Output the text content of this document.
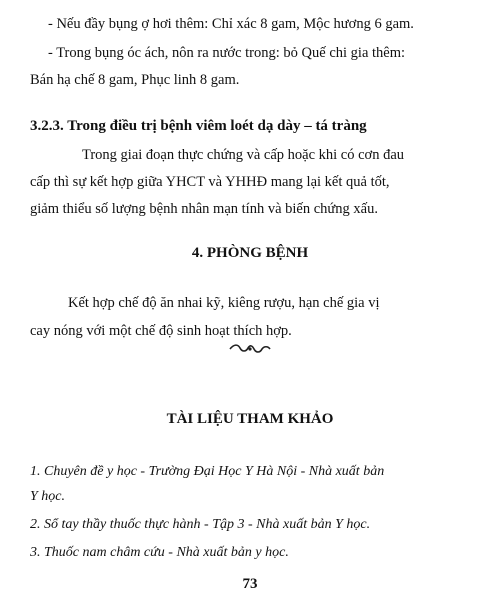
- Nếu đầy bụng ợ hơi thêm: Chỉ xác 8 gam, Mộc hương 6 gam.
- Trong bụng óc ách, nôn ra nước trong: bỏ Quế chi gia thêm:
Bán hạ chế 8 gam, Phục linh 8 gam.
3.2.3. Trong điều trị bệnh viêm loét dạ dày – tá tràng
Trong giai đoạn thực chứng và cấp hoặc khi có cơn đau
cấp thì sự kết hợp giữa YHCT và YHHĐ mang lại kết quả tốt,
giảm thiểu số lượng bệnh nhân mạn tính và biến chứng xấu.
4. PHÒNG BỆNH
Kết hợp chế độ ăn nhai kỹ, kiêng rượu, hạn chế gia vị
cay nóng với một chế độ sinh hoạt thích hợp.
TÀI LIỆU THAM KHẢO
1. Chuyên đề y học - Trường Đại Học Y Hà Nội - Nhà xuất bản
Y học.
2. Sổ tay thầy thuốc thực hành - Tập 3 - Nhà xuất bản Y học.
3. Thuốc nam châm cứu - Nhà xuất bản y học.
73
